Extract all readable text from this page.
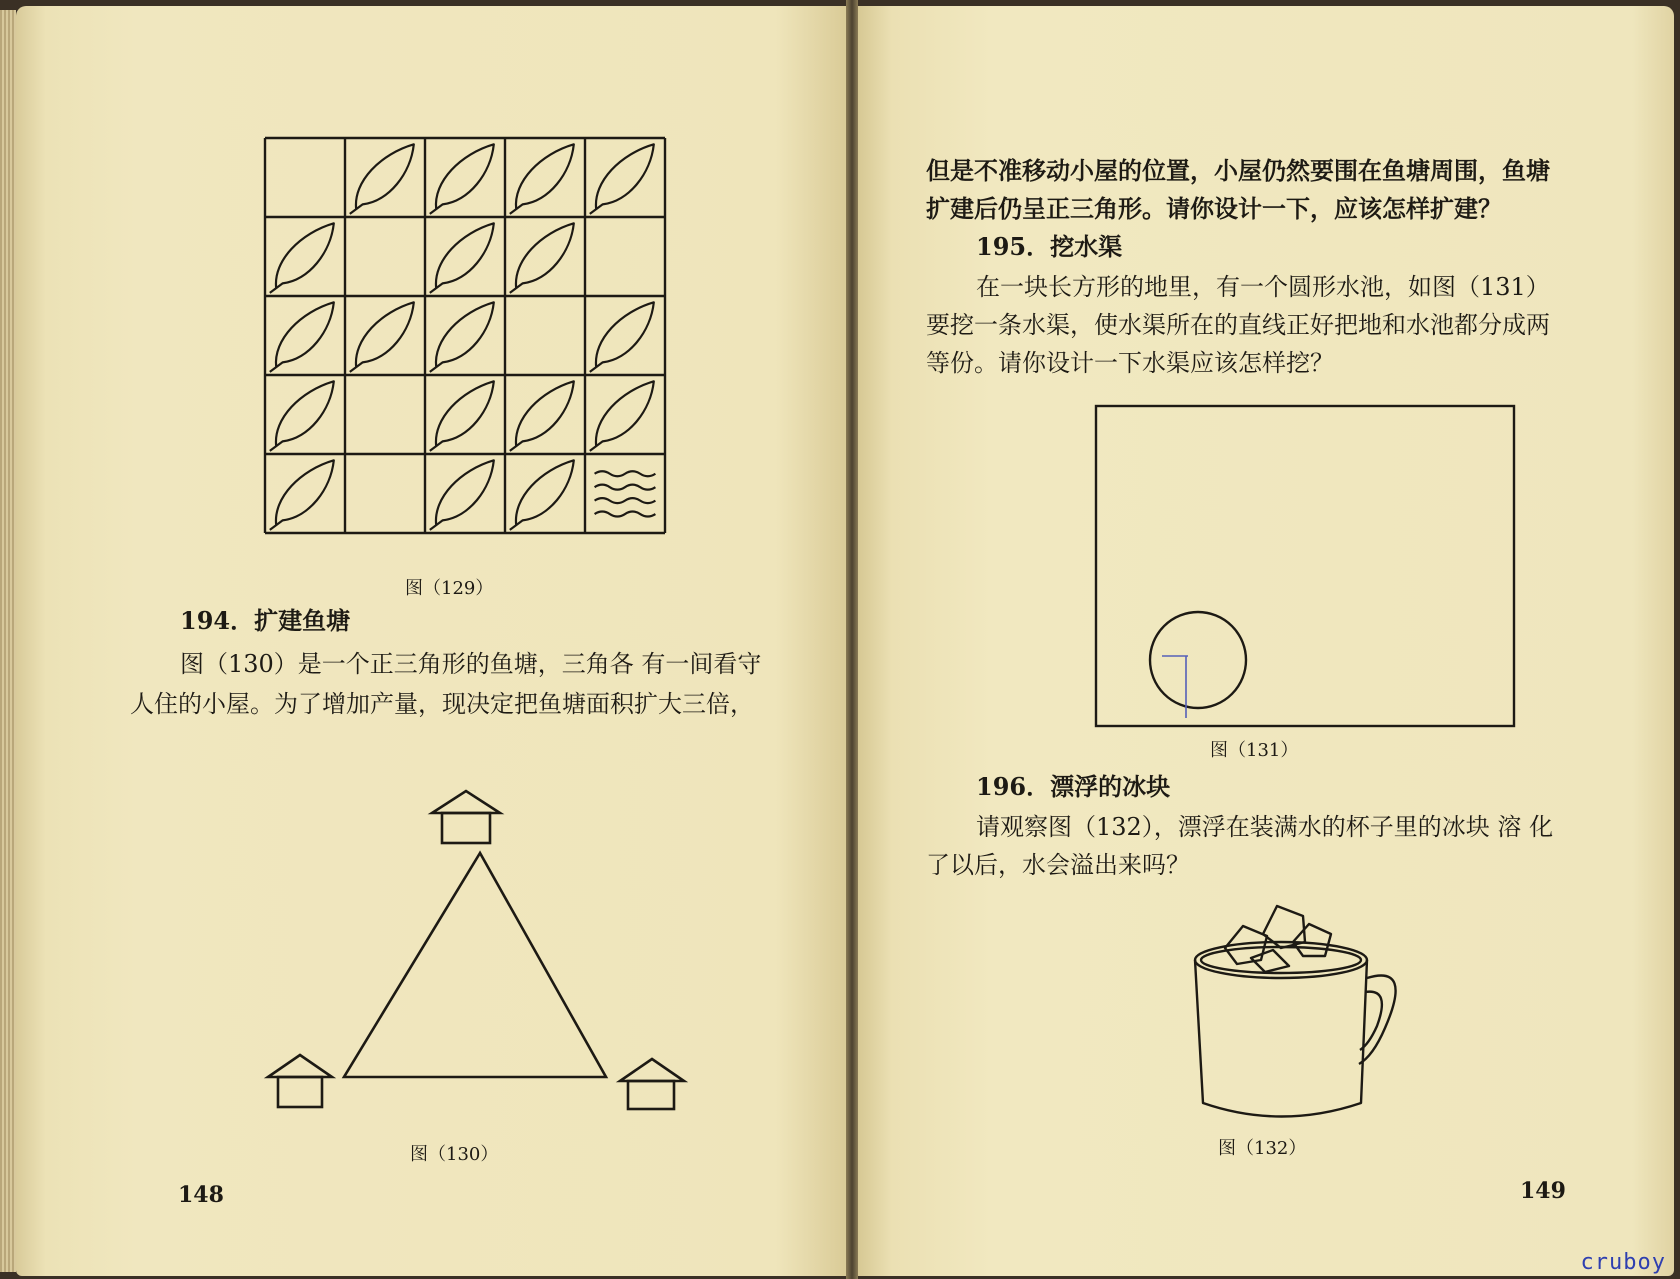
图（129）
194．扩建鱼塘
图（130）是一个正三角形的鱼塘，三角各 有一间看守
人住的小屋。为了增加产量，现决定把鱼塘面积扩大三倍，
图（130）
148
但是不准移动小屋的位置，小屋仍然要围在鱼塘周围，鱼塘
扩建后仍呈正三角形。请你设计一下，应该怎样扩建？
195．挖水渠
在一块长方形的地里，有一个圆形水池，如图（131）
要挖一条水渠，使水渠所在的直线正好把地和水池都分成两
等份。请你设计一下水渠应该怎样挖？
图（131）
196．漂浮的冰块
请观察图（132），漂浮在装满水的杯子里的冰块 溶 化
了以后，水会溢出来吗？
图（132）
149
cruboy
